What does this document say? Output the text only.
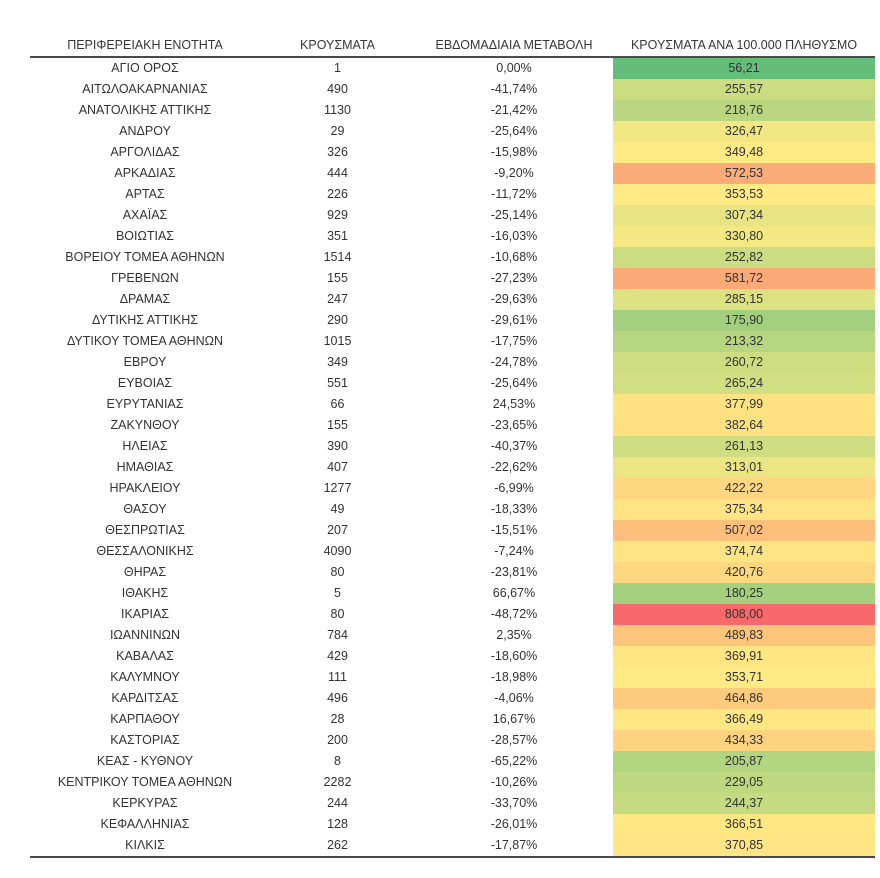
ΠΕΡΙΦΕΡΕΙΑΚΗ ΕΝΟΤΗΤΑ	ΚΡΟΥΣΜΑΤΑ	ΕΒΔΟΜΑΔΙΑΙΑ ΜΕΤΑΒΟΛΗ	ΚΡΟΥΣΜΑΤΑ ΑΝΑ 100.000 ΠΛΗΘΥΣΜΟ
ΑΓΙΟ ΟΡΟΣ	1	0,00%	56,21
ΑΙΤΩΛΟΑΚΑΡΝΑΝΙΑΣ	490	-41,74%	255,57
ΑΝΑΤΟΛΙΚΗΣ ΑΤΤΙΚΗΣ	1130	-21,42%	218,76
ΑΝΔΡΟΥ	29	-25,64%	326,47
ΑΡΓΟΛΙΔΑΣ	326	-15,98%	349,48
ΑΡΚΑΔΙΑΣ	444	-9,20%	572,53
ΑΡΤΑΣ	226	-11,72%	353,53
ΑΧΑΪΑΣ	929	-25,14%	307,34
ΒΟΙΩΤΙΑΣ	351	-16,03%	330,80
ΒΟΡΕΙΟΥ ΤΟΜΕΑ ΑΘΗΝΩΝ	1514	-10,68%	252,82
ΓΡΕΒΕΝΩΝ	155	-27,23%	581,72
ΔΡΑΜΑΣ	247	-29,63%	285,15
ΔΥΤΙΚΗΣ ΑΤΤΙΚΗΣ	290	-29,61%	175,90
ΔΥΤΙΚΟΥ ΤΟΜΕΑ ΑΘΗΝΩΝ	1015	-17,75%	213,32
ΕΒΡΟΥ	349	-24,78%	260,72
ΕΥΒΟΙΑΣ	551	-25,64%	265,24
ΕΥΡΥΤΑΝΙΑΣ	66	24,53%	377,99
ΖΑΚΥΝΘΟΥ	155	-23,65%	382,64
ΗΛΕΙΑΣ	390	-40,37%	261,13
ΗΜΑΘΙΑΣ	407	-22,62%	313,01
ΗΡΑΚΛΕΙΟΥ	1277	-6,99%	422,22
ΘΑΣΟΥ	49	-18,33%	375,34
ΘΕΣΠΡΩΤΙΑΣ	207	-15,51%	507,02
ΘΕΣΣΑΛΟΝΙΚΗΣ	4090	-7,24%	374,74
ΘΗΡΑΣ	80	-23,81%	420,76
ΙΘΑΚΗΣ	5	66,67%	180,25
ΙΚΑΡΙΑΣ	80	-48,72%	808,00
ΙΩΑΝΝΙΝΩΝ	784	2,35%	489,83
ΚΑΒΑΛΑΣ	429	-18,60%	369,91
ΚΑΛΥΜΝΟΥ	111	-18,98%	353,71
ΚΑΡΔΙΤΣΑΣ	496	-4,06%	464,86
ΚΑΡΠΑΘΟΥ	28	16,67%	366,49
ΚΑΣΤΟΡΙΑΣ	200	-28,57%	434,33
ΚΕΑΣ - ΚΥΘΝΟΥ	8	-65,22%	205,87
ΚΕΝΤΡΙΚΟΥ ΤΟΜΕΑ ΑΘΗΝΩΝ	2282	-10,26%	229,05
ΚΕΡΚΥΡΑΣ	244	-33,70%	244,37
ΚΕΦΑΛΛΗΝΙΑΣ	128	-26,01%	366,51
ΚΙΛΚΙΣ	262	-17,87%	370,85
